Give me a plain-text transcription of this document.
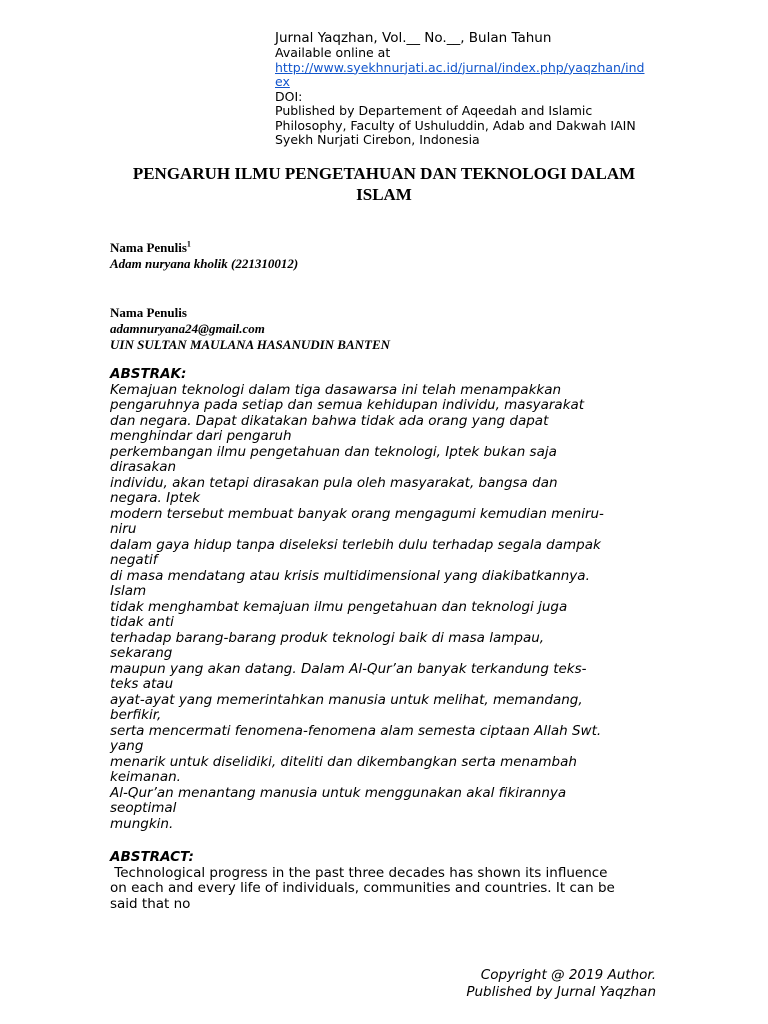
Jurnal Yaqzhan, Vol.__ No.__, Bulan Tahun

Available online at

http://www.syekhnurjati.ac.id/jurnal/index.php/yaqzhan/ind

ex

DOI:

Published by Departement of Aqeedah and Islamic

Philosophy, Faculty of Ushuluddin, Adab and Dakwah IAIN

Syekh Nurjati Cirebon, Indonesia

PENGARUH ILMU PENGETAHUAN DAN TEKNOLOGI DALAM
ISLAM

Nama Penulis$^1$

Adam nuryana kholik (221310012)

Nama Penulis

adamnuryana24@gmail.com

UIN SULTAN MAULANA HASANUDIN BANTEN

ABSTRAK:

Kemajuan teknologi dalam tiga dasawarsa ini telah menampakkan

pengaruhnya pada setiap dan semua kehidupan individu, masyarakat

dan negara. Dapat dikatakan bahwa tidak ada orang yang dapat

menghindar dari pengaruh

perkembangan ilmu pengetahuan dan teknologi, Iptek bukan saja

dirasakan

individu, akan tetapi dirasakan pula oleh masyarakat, bangsa dan

negara. Iptek

modern tersebut membuat banyak orang mengagumi kemudian meniru-

niru

dalam gaya hidup tanpa diseleksi terlebih dulu terhadap segala dampak

negatif

di masa mendatang atau krisis multidimensional yang diakibatkannya.

Islam

tidak menghambat kemajuan ilmu pengetahuan dan teknologi juga

tidak anti

terhadap barang-barang produk teknologi baik di masa lampau,

sekarang

maupun yang akan datang. Dalam Al-Qur’an banyak terkandung teks-

teks atau

ayat-ayat yang memerintahkan manusia untuk melihat, memandang,

berfikir,

serta mencermati fenomena-fenomena alam semesta ciptaan Allah Swt.

yang

menarik untuk diselidiki, diteliti dan dikembangkan serta menambah

keimanan.

Al-Qur’an menantang manusia untuk menggunakan akal fikirannya

seoptimal

mungkin.

ABSTRACT:

Technological progress in the past three decades has shown its influence

on each and every life of individuals, communities and countries. It can be

said that no

Copyright @ 2019 Author.

Published by Jurnal Yaqzhan
